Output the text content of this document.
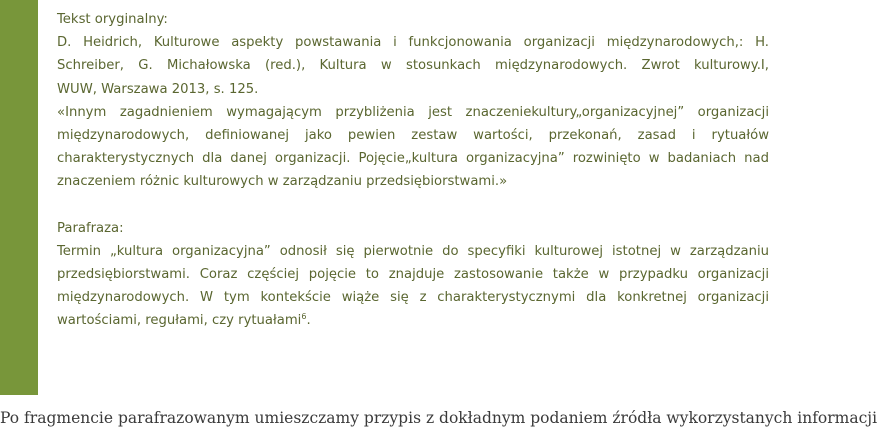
Tekst oryginalny:
D. Heidrich, Kulturowe aspekty powstawania i funkcjonowania organizacji międzynarodowych,: H.
Schreiber, G. Michałowska (red.), Kultura w stosunkach międzynarodowych. Zwrot kulturowy.I,
WUW, Warszawa 2013, s. 125.
«Innym zagadnieniem wymagającym przybliżenia jest znaczeniekultury„organizacyjnej” organizacji
międzynarodowych, definiowanej jako pewien zestaw wartości, przekonań, zasad i rytuałów
charakterystycznych dla danej organizacji. Pojęcie„kultura organizacyjna” rozwinięto w badaniach nad
znaczeniem różnic kulturowych w zarządzaniu przedsiębiorstwami.»
Parafraza:
Termin „kultura organizacyjna” odnosił się pierwotnie do specyfiki kulturowej istotnej w zarządzaniu
przedsiębiorstwami. Coraz częściej pojęcie to znajduje zastosowanie także w przypadku organizacji
międzynarodowych. W tym kontekście wiąże się z charakterystycznymi dla konkretnej organizacji
wartościami, regułami, czy rytuałami$^6$.
Po fragmencie parafrazowanym umieszczamy przypis z dokładnym podaniem źródła wykorzystanych informacji
